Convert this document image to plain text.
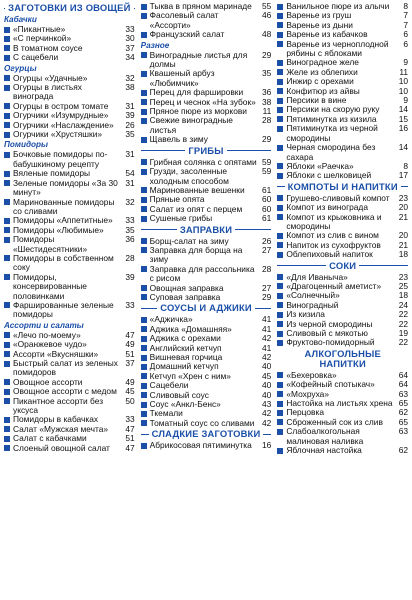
ЗАГОТОВКИ ИЗ ОВОЩЕЙ
Кабачки
«Пикантные»	33
«С перчинкой»	30
В томатном соусе	37
С сацебели	34
Огурцы
Огурцы «Удачные»	32
Огурцы в листьях винограда
38
Огурцы в остром томате	31
Огурчики «Изумрудные»	39
Огурчики «Наслаждение»	26
Огурчики «Хрустяшки»	35
Помидоры
Бочковые помидоры по-бабушкиному рецепту
31
Вяленые помидоры	54
Зеленые помидоры «За 30 минут»
31
Маринованные помидоры со сливами
32
Помидоры «Аппетитные»	33
Помидоры «Любимые»	35
Помидоры «Шестидесятники»
36
Помидоры в собственном соку
28
Помидоры, консервированные половинками
39
Фаршированные зеленые помидоры
33
Ассорти и салаты
«Лечо по-моему»	47
«Оранжевое чудо»	49
Ассорти «Вкусняшки»	51
Быстрый салат из зеленых помидоров
37
Овощное ассорти	49
Овощное ассорти с медом	45
Пикантное ассорти без уксуса
50
Помидоры в кабачках	33
Салат «Мужская мечта»	47
Салат с кабачками	51
Слоеный овощной салат	47
Тыква в пряном маринаде	55
Фасолевый салат «Ассорти»
46
Французский салат	48
Разное
Виноградные листья для долмы
29
Квашеный арбуз «Любимчик»
35
Перец для фаршировки	36
Перец и чеснок «На зубок» 38
Пряное пюре из моркови	11
Свежие виноградные листья
28
Щавель в зиму	29
ГРИБЫ
Грибная солянка с опятами 59
Грузди, засоленные холодным способом
59
Маринованные вешенки	61
Пряные опята	60
Салат из опят с перцем	60
Сушеные грибы	61
ЗАПРАВКИ
Борщ-салат на зиму	26
Заправка для борща на зиму
27
Заправка для рассольника с рисом
28
Овощная заправка	27
Суповая заправка	29
СОУСЫ И АДЖИКИ
«Аджичка»	41
Аджика «Домашняя»	41
Аджика с орехами	42
Английский кетчуп	41
Вишневая горчица	42
Домашний кетчуп	40
Кетчуп «Хрен с ним»	45
Сацебели	40
Сливовый соус	40
Соус «Анкл-Бенс»	43
Ткемали	42
Томатный соус со сливами 42
СЛАДКИЕ ЗАГОТОВКИ
Абрикосовая пятиминутка	16
Ванильное пюре из алычи	8
Варенье из груш	7
Варенье из дыни	7
Варенье из кабачков	6
Варенье из черноплодной рябины с яблоками
6
Виноградное желе	9
Желе из облепихи	11
Инжир с орехами	10
Конфитюр из айвы	10
Персики в вине	9
Персики на скорую руку	14
Пятиминутка из кизила	15
Пятиминутка из черной смородины
16
Черная смородина без сахара
14
Яблоки «Раечка»	8
Яблоки с шелковицей	17
КОМПОТЫ И НАПИТКИ
Грушево-сливовый компот	23
Компот из винограда	20
Компот из крыжовника и смородины
21
Компот из слив с вином	20
Напиток из сухофруктов	21
Облепиховый напиток	18
СОКИ
«Для Иваныча»	23
«Драгоценный аметист»	25
«Солнечный»	18
Виноградный	24
Из кизила	22
Из черной смородины	22
Сливовый с мякотью	19
Фруктово-помидорный	22
АЛКОГОЛЬНЫЕ НАПИТКИ
«Бехеровка»	64
«Кофейный спотыкач»	64
«Мохруха»	63
Настойка на листьях хрена 65
Перцовка	62
Сброженный сок из слив	65
Слабоалкогольная малиновая наливка
63
Яблочная настойка	62
